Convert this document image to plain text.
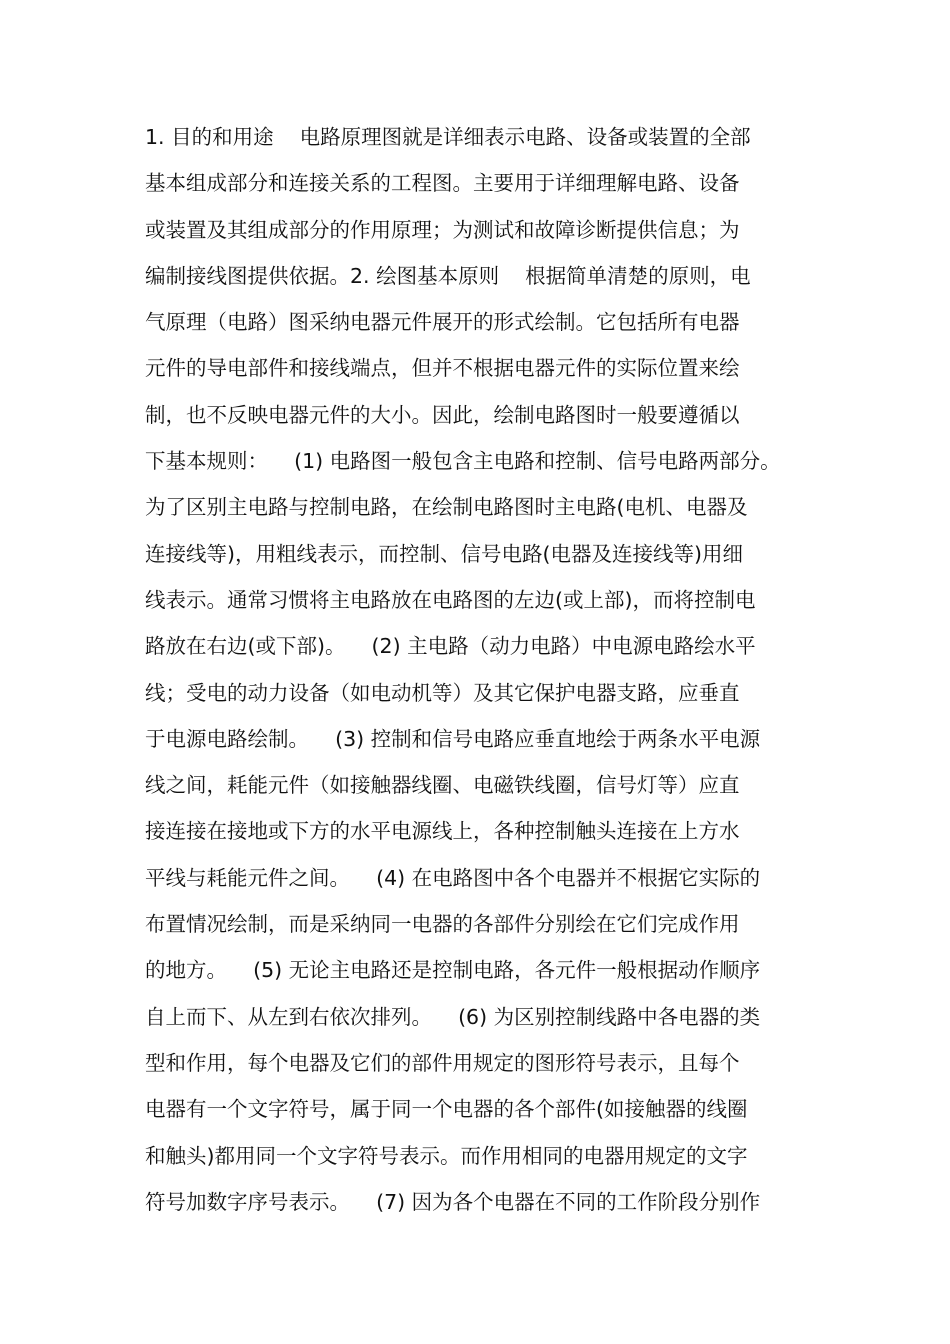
1. 目的和用途    电路原理图就是详细表示电路、设备或装置的全部
基本组成部分和连接关系的工程图。主要用于详细理解电路、设备
或装置及其组成部分的作用原理；为测试和故障诊断提供信息；为
编制接线图提供依据。2. 绘图基本原则    根据简单清楚的原则，电
气原理（电路）图采纳电器元件展开的形式绘制。它包括所有电器
元件的导电部件和接线端点，但并不根据电器元件的实际位置来绘
制，也不反映电器元件的大小。因此，绘制电路图时一般要遵循以
下基本规则：    (1) 电路图一般包含主电路和控制、信号电路两部分。
为了区别主电路与控制电路，在绘制电路图时主电路(电机、电器及
连接线等)，用粗线表示，而控制、信号电路(电器及连接线等)用细
线表示。通常习惯将主电路放在电路图的左边(或上部)，而将控制电
路放在右边(或下部)。    (2) 主电路（动力电路）中电源电路绘水平
线；受电的动力设备（如电动机等）及其它保护电器支路，应垂直
于电源电路绘制。    (3) 控制和信号电路应垂直地绘于两条水平电源
线之间，耗能元件（如接触器线圈、电磁铁线圈，信号灯等）应直
接连接在接地或下方的水平电源线上，各种控制触头连接在上方水
平线与耗能元件之间。    (4) 在电路图中各个电器并不根据它实际的
布置情况绘制，而是采纳同一电器的各部件分别绘在它们完成作用
的地方。    (5) 无论主电路还是控制电路，各元件一般根据动作顺序
自上而下、从左到右依次排列。    (6) 为区别控制线路中各电器的类
型和作用，每个电器及它们的部件用规定的图形符号表示，且每个
电器有一个文字符号，属于同一个电器的各个部件(如接触器的线圈
和触头)都用同一个文字符号表示。而作用相同的电器用规定的文字
符号加数字序号表示。    (7) 因为各个电器在不同的工作阶段分别作
